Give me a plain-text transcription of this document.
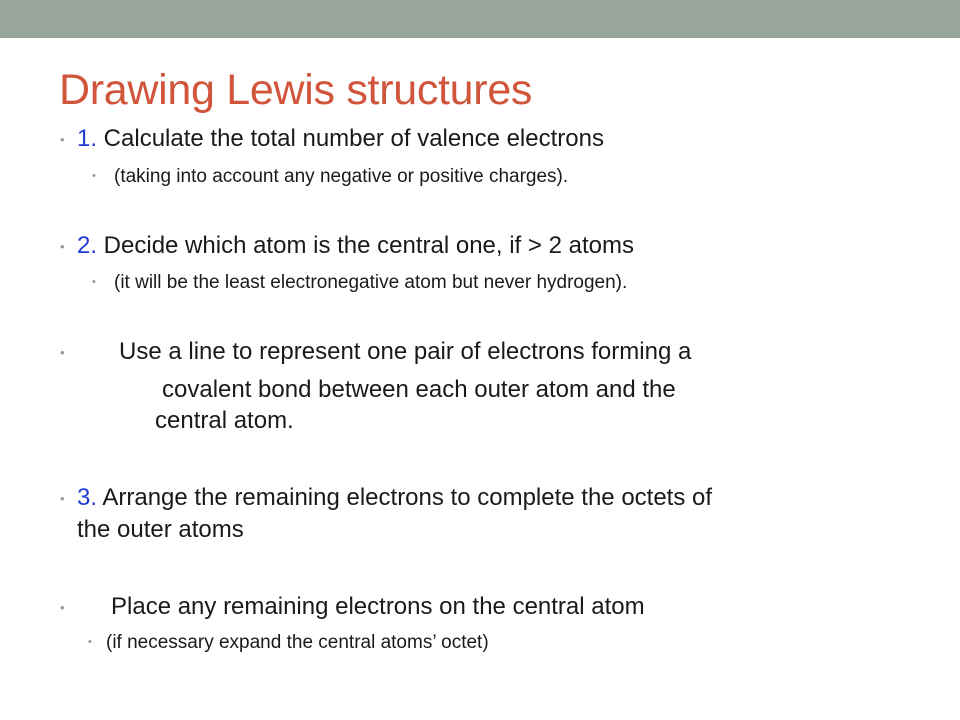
Drawing Lewis structures
• 1. Calculate the total number of valence electrons
• (taking into account any negative or positive charges).
• 2. Decide which atom is the central one, if > 2 atoms
• (it will be the least electronegative atom but never hydrogen).
• Use a line to represent one pair of electrons forming a
covalent bond between each outer atom and the
central atom.
• 3. Arrange the remaining electrons to complete the octets of
the outer atoms
• Place any remaining electrons on the central atom
• (if necessary expand the central atoms’ octet)
